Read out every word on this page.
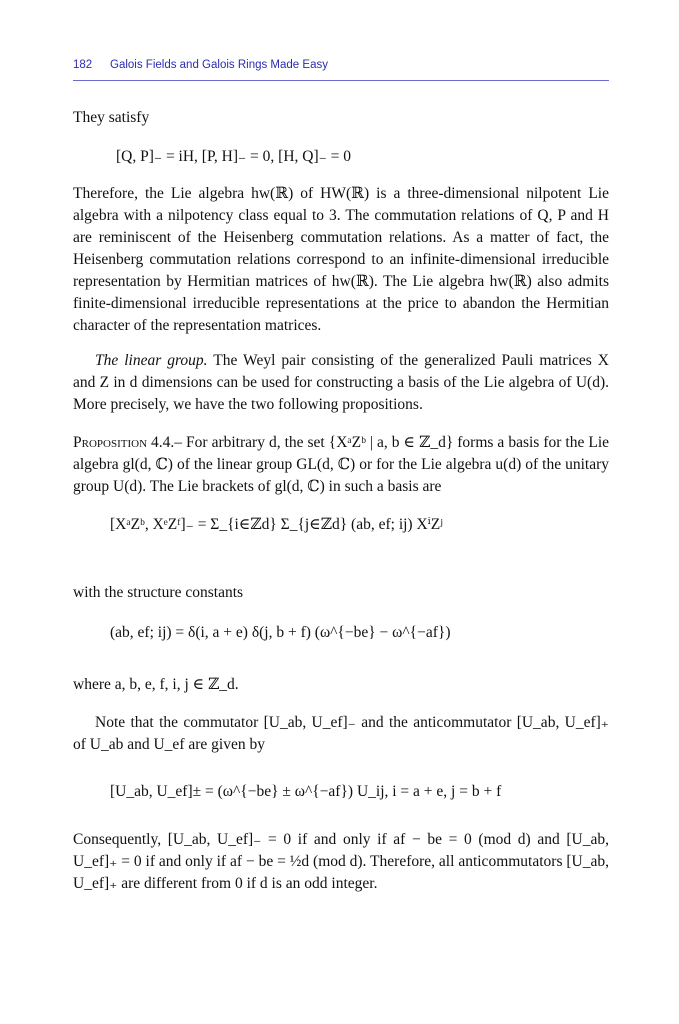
182 Galois Fields and Galois Rings Made Easy
They satisfy
[Q, P]₋ = iH, [P, H]₋ = 0, [H, Q]₋ = 0
Therefore, the Lie algebra hw(ℝ) of HW(ℝ) is a three-dimensional nilpotent Lie algebra with a nilpotency class equal to 3. The commutation relations of Q, P and H are reminiscent of the Heisenberg commutation relations. As a matter of fact, the Heisenberg commutation relations correspond to an infinite-dimensional irreducible representation by Hermitian matrices of hw(ℝ). The Lie algebra hw(ℝ) also admits finite-dimensional irreducible representations at the price to abandon the Hermitian character of the representation matrices.
The linear group. The Weyl pair consisting of the generalized Pauli matrices X and Z in d dimensions can be used for constructing a basis of the Lie algebra of U(d). More precisely, we have the two following propositions.
Proposition 4.4.– For arbitrary d, the set {XᵃZᵇ | a, b ∈ ℤ_d} forms a basis for the Lie algebra gl(d, ℂ) of the linear group GL(d, ℂ) or for the Lie algebra u(d) of the unitary group U(d). The Lie brackets of gl(d, ℂ) in such a basis are
[XᵃZᵇ, XᵉZᶠ]₋ = Σ_{i∈ℤd} Σ_{j∈ℤd} (ab, ef; ij) XⁱZʲ
with the structure constants
(ab, ef; ij) = δ(i, a + e) δ(j, b + f) (ω^{−be} − ω^{−af})
where a, b, e, f, i, j ∈ ℤ_d.
Note that the commutator [U_ab, U_ef]₋ and the anticommutator [U_ab, U_ef]₊ of U_ab and U_ef are given by
[U_ab, U_ef]± = (ω^{−be} ± ω^{−af}) U_ij, i = a + e, j = b + f
Consequently, [U_ab, U_ef]₋ = 0 if and only if af − be = 0 (mod d) and [U_ab, U_ef]₊ = 0 if and only if af − be = ½d (mod d). Therefore, all anticommutators [U_ab, U_ef]₊ are different from 0 if d is an odd integer.
